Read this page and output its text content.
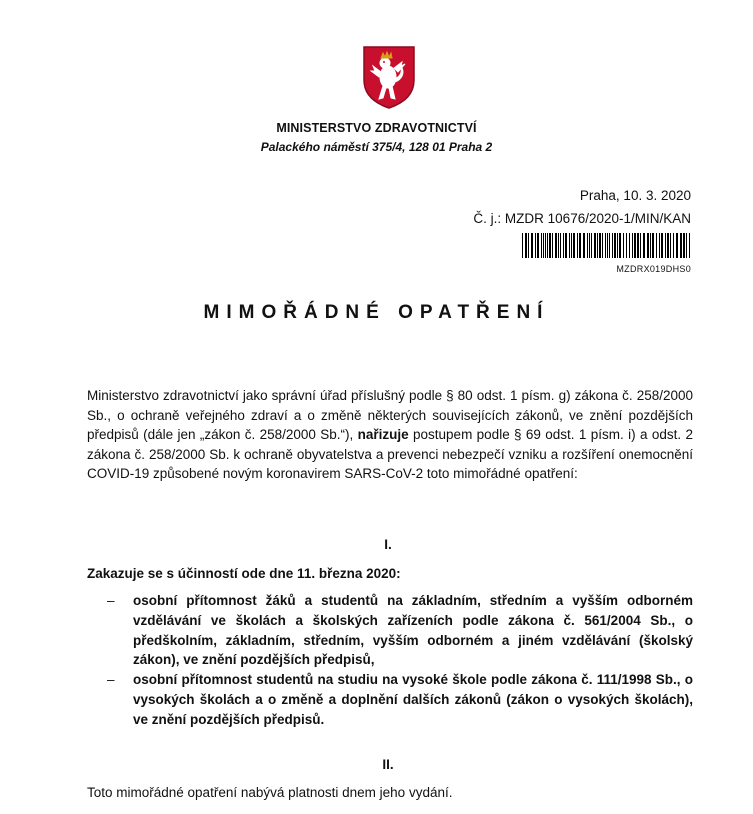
MINISTERSTVO ZDRAVOTNICTVÍ
Palackého náměstí 375/4, 128 01 Praha 2
Praha, 10. 3. 2020
Č. j.: MZDR 10676/2020-1/MIN/KAN
MZDRX019DHS0
MIMOŘÁDNÉ OPATŘENÍ
Ministerstvo zdravotnictví jako správní úřad příslušný podle § 80 odst. 1 písm. g) zákona č. 258/2000 Sb., o ochraně veřejného zdraví a o změně některých souvisejících zákonů, ve znění pozdějších předpisů (dále jen „zákon č. 258/2000 Sb.“), nařizuje postupem podle § 69 odst. 1 písm. i) a odst. 2 zákona č. 258/2000 Sb. k ochraně obyvatelstva a prevenci nebezpečí vzniku a rozšíření onemocnění COVID-19 způsobené novým koronavirem SARS-CoV-2 toto mimořádné opatření:
I.
Zakazuje se s účinností ode dne 11. března 2020:
– osobní přítomnost žáků a studentů na základním, středním a vyšším odborném vzdělávání ve školách a školských zařízeních podle zákona č. 561/2004 Sb., o předškolním, základním, středním, vyšším odborném a jiném vzdělávání (školský zákon), ve znění pozdějších předpisů,
– osobní přítomnost studentů na studiu na vysoké škole podle zákona č. 111/1998 Sb., o vysokých školách a o změně a doplnění dalších zákonů (zákon o vysokých školách), ve znění pozdějších předpisů.
II.
Toto mimořádné opatření nabývá platnosti dnem jeho vydání.
